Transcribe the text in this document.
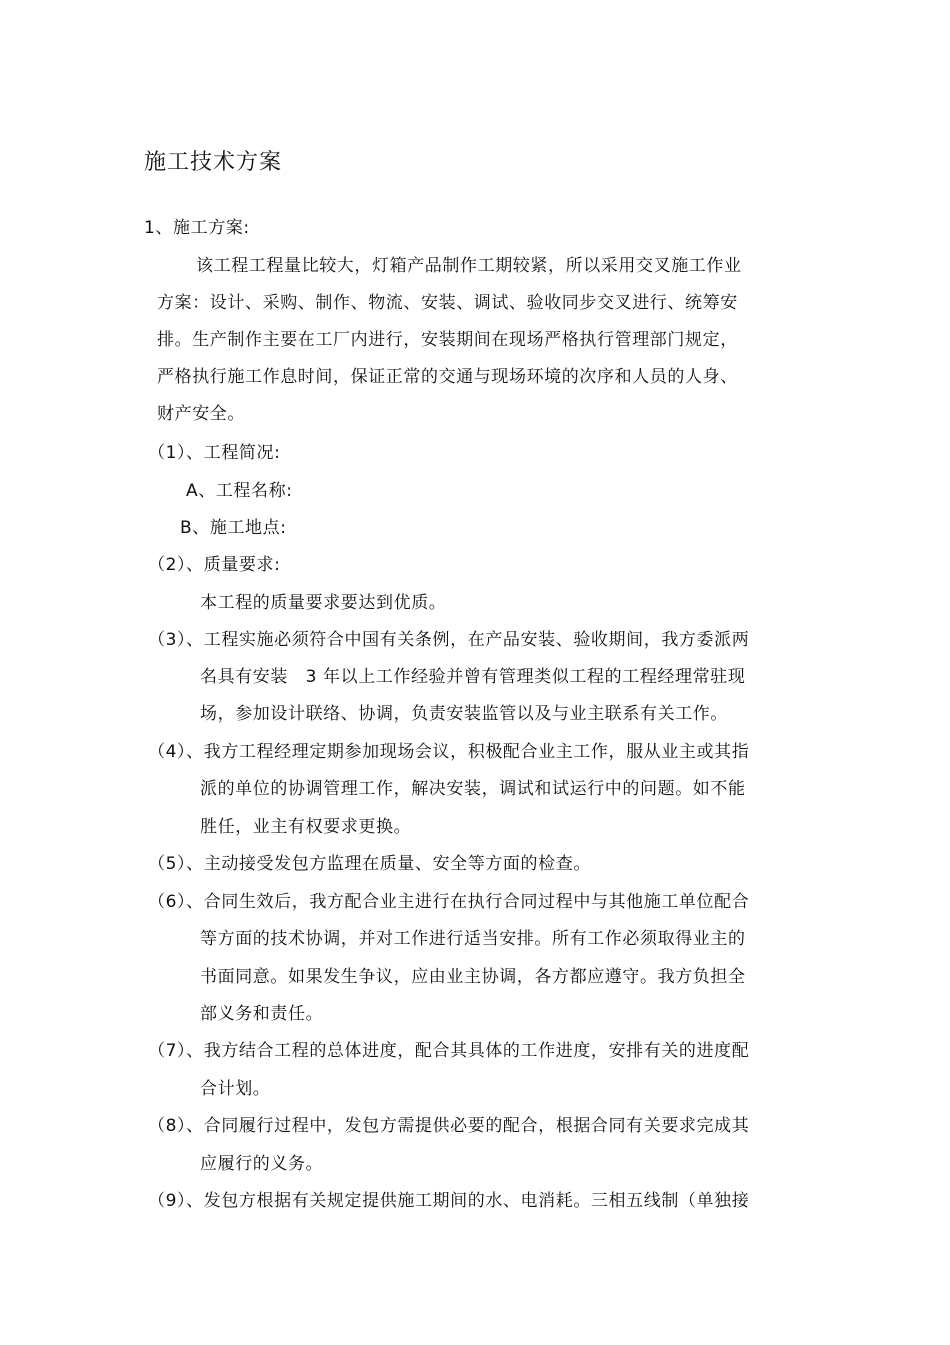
施工技术方案
1、施工方案:
该工程工程量比较大，灯箱产品制作工期较紧，所以采用交叉施工作业
方案：设计、采购、制作、物流、安装、调试、验收同步交叉进行、统筹安
排。生产制作主要在工厂内进行，安装期间在现场严格执行管理部门规定，
严格执行施工作息时间，保证正常的交通与现场环境的次序和人员的人身、
财产安全。
（1）、工程简况:
A、工程名称:
B、施工地点:
（2）、质量要求:
本工程的质量要求要达到优质。
（3）、工程实施必须符合中国有关条例，在产品安装、验收期间，我方委派两
名具有安装　3 年以上工作经验并曾有管理类似工程的工程经理常驻现
场，参加设计联络、协调，负责安装监管以及与业主联系有关工作。
（4）、我方工程经理定期参加现场会议，积极配合业主工作，服从业主或其指
派的单位的协调管理工作，解决安装，调试和试运行中的问题。如不能
胜任，业主有权要求更换。
（5）、主动接受发包方监理在质量、安全等方面的检查。
（6）、合同生效后，我方配合业主进行在执行合同过程中与其他施工单位配合
等方面的技术协调，并对工作进行适当安排。所有工作必须取得业主的
书面同意。如果发生争议，应由业主协调，各方都应遵守。我方负担全
部义务和责任。
（7）、我方结合工程的总体进度，配合其具体的工作进度，安排有关的进度配
合计划。
（8）、合同履行过程中，发包方需提供必要的配合，根据合同有关要求完成其
应履行的义务。
（9）、发包方根据有关规定提供施工期间的水、电消耗。三相五线制（单独接
